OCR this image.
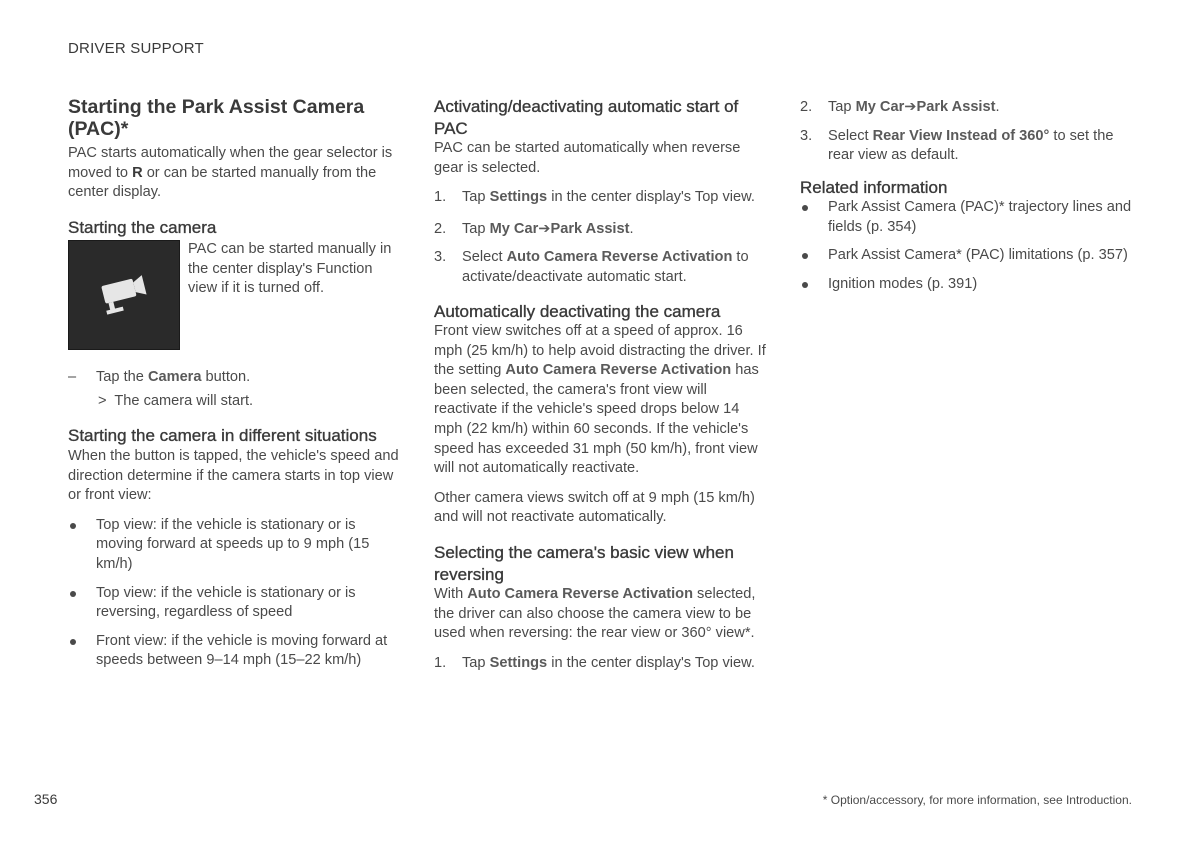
DRIVER SUPPORT
Starting the Park Assist Camera (PAC)*

PAC starts automatically when the gear selector is moved to R or can be started manually from the center display.

Starting the camera
PAC can be started manually in the center display's Function view if it is turned off.
– Tap the Camera button.
> The camera will start.
Starting the camera in different situations

When the button is tapped, the vehicle's speed and direction determine if the camera starts in top view or front view:

Top view: if the vehicle is stationary or is moving forward at speeds up to 9 mph (15 km/h)
Top view: if the vehicle is stationary or is reversing, regardless of speed
Front view: if the vehicle is moving forward at speeds between 9–14 mph (15–22 km/h)
Activating/deactivating automatic start of PAC

PAC can be started automatically when reverse gear is selected.

1. Tap Settings in the center display's Top view.
2. Tap My Car➔Park Assist.
3. Select Auto Camera Reverse Activation to activate/deactivate automatic start.
Automatically deactivating the camera

Front view switches off at a speed of approx. 16 mph (25 km/h) to help avoid distracting the driver. If the setting Auto Camera Reverse Activation has been selected, the camera's front view will reactivate if the vehicle's speed drops below 14 mph (22 km/h) within 60 seconds. If the vehicle's speed has exceeded 31 mph (50 km/h), front view will not automatically reactivate.

Other camera views switch off at 9 mph (15 km/h) and will not reactivate automatically.

Selecting the camera's basic view when reversing

With Auto Camera Reverse Activation selected, the driver can also choose the camera view to be used when reversing: the rear view or 360° view*.

1. Tap Settings in the center display's Top view.
2. Tap My Car➔Park Assist.
3. Select Rear View Instead of 360° to set the rear view as default.
Related information
Park Assist Camera (PAC)* trajectory lines and fields (p. 354)
Park Assist Camera* (PAC) limitations (p. 357)
Ignition modes (p. 391)
356	* Option/accessory, for more information, see Introduction.
